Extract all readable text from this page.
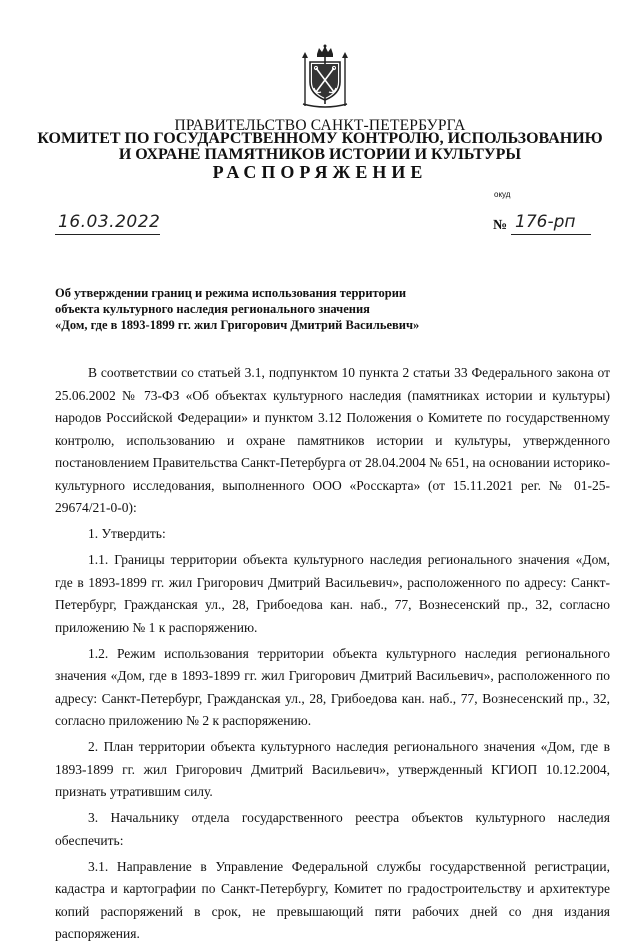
ПРАВИТЕЛЬСТВО САНКТ-ПЕТЕРБУРГА
КОМИТЕТ ПО ГОСУДАРСТВЕННОМУ КОНТРОЛЮ, ИСПОЛЬЗОВАНИЮ
И ОХРАНЕ ПАМЯТНИКОВ ИСТОРИИ И КУЛЬТУРЫ
РАСПОРЯЖЕНИЕ
окуд
16.03.2022	№ 176-рп
Об утверждении границ и режима использования территории
объекта культурного наследия регионального значения
«Дом, где в 1893-1899 гг. жил Григорович Дмитрий Васильевич»

В соответствии со статьей 3.1, подпунктом 10 пункта 2 статьи 33 Федерального закона от 25.06.2002 № 73-ФЗ «Об объектах культурного наследия (памятниках истории и культуры) народов Российской Федерации» и пунктом 3.12 Положения о Комитете по государственному контролю, использованию и охране памятников истории и культуры, утвержденного постановлением Правительства Санкт-Петербурга от 28.04.2004 № 651, на основании историко-культурного исследования, выполненного ООО «Росскарта» (от 15.11.2021 рег. № 01-25-29674/21-0-0):

1. Утвердить:

1.1. Границы территории объекта культурного наследия регионального значения «Дом, где в 1893-1899 гг. жил Григорович Дмитрий Васильевич», расположенного по адресу: Санкт-Петербург, Гражданская ул., 28, Грибоедова кан. наб., 77, Вознесенский пр., 32, согласно приложению № 1 к распоряжению.

1.2. Режим использования территории объекта культурного наследия регионального значения «Дом, где в 1893-1899 гг. жил Григорович Дмитрий Васильевич», расположенного по адресу: Санкт-Петербург, Гражданская ул., 28, Грибоедова кан. наб., 77, Вознесенский пр., 32, согласно приложению № 2 к распоряжению.

2. План территории объекта культурного наследия регионального значения «Дом, где в 1893-1899 гг. жил Григорович Дмитрий Васильевич», утвержденный КГИОП 10.12.2004, признать утратившим силу.

3. Начальнику отдела государственного реестра объектов культурного наследия обеспечить:

3.1. Направление в Управление Федеральной службы государственной регистрации, кадастра и картографии по Санкт-Петербургу, Комитет по градостроительству и архитектуре копий распоряжений в срок, не превышающий пяти рабочих дней со дня издания распоряжения.
